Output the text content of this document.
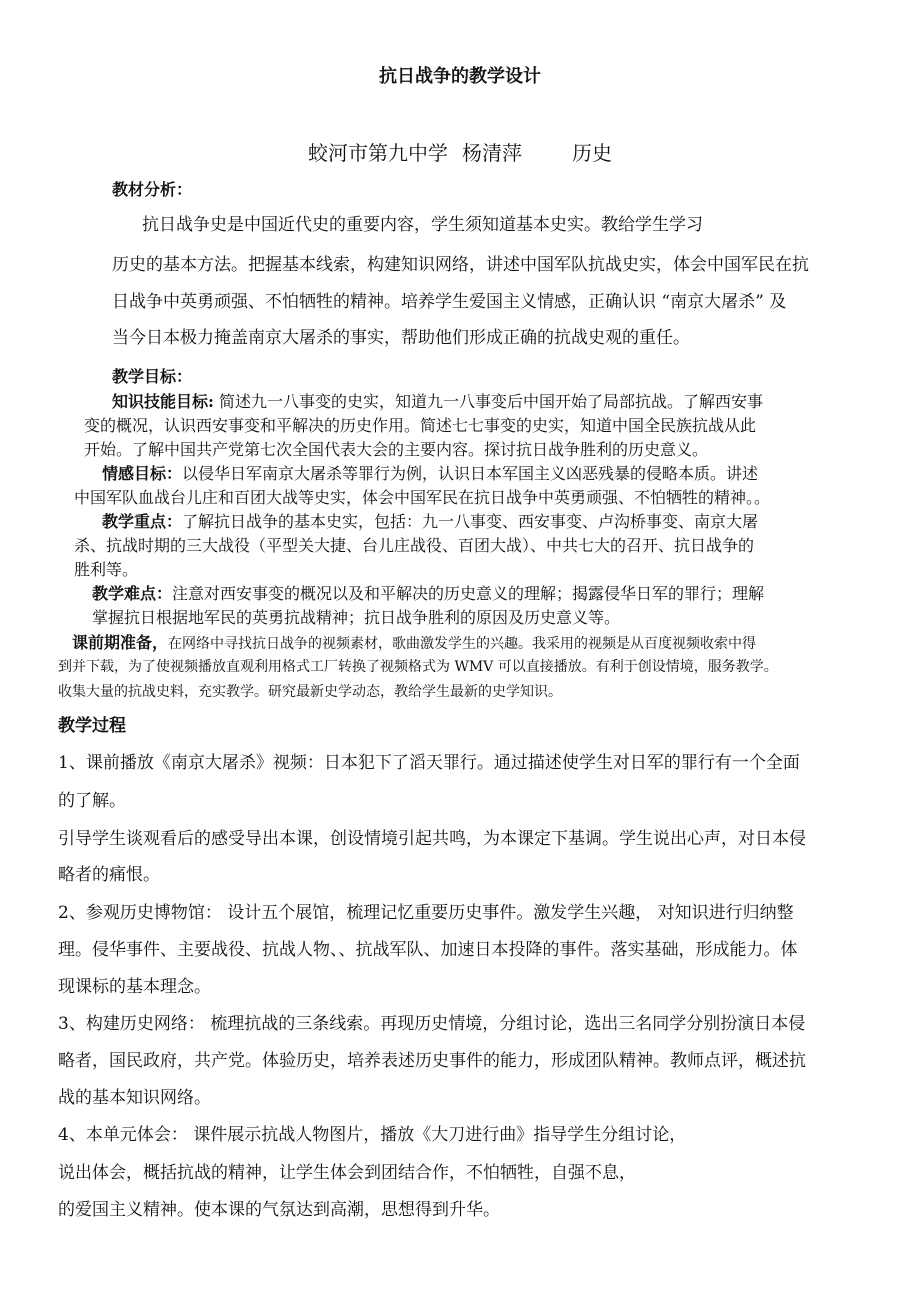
抗日战争的教学设计
蛟河市第九中学 杨清萍	历史
教材分析：
抗日战争史是中国近代史的重要内容，学生须知道基本史实。教给学生学习
历史的基本方法。把握基本线索，构建知识网络，讲述中国军队抗战史实，体会中国军民在抗
日战争中英勇顽强、不怕牺牲的精神。培养学生爱国主义情感，正确认识 “南京大屠杀” 及
当今日本极力掩盖南京大屠杀的事实，帮助他们形成正确的抗战史观的重任。
教学目标：
知识技能目标: 简述九一八事变的史实，知道九一八事变后中国开始了局部抗战。了解西安事
变的概况，认识西安事变和平解决的历史作用。简述七七事变的史实，知道中国全民族抗战从此
开始。了解中国共产党第七次全国代表大会的主要内容。探讨抗日战争胜利的历史意义。
情感目标：以侵华日军南京大屠杀等罪行为例，认识日本军国主义凶恶残暴的侵略本质。讲述
中国军队血战台儿庄和百团大战等史实，体会中国军民在抗日战争中英勇顽强、不怕牺牲的精神。。
教学重点：了解抗日战争的基本史实，包括：九一八事变、西安事变、卢沟桥事变、南京大屠
杀、抗战时期的三大战役（平型关大捷、台儿庄战役、百团大战）、中共七大的召开、抗日战争的
胜利等。
教学难点：注意对西安事变的概况以及和平解决的历史意义的理解；揭露侵华日军的罪行；理解
掌握抗日根据地军民的英勇抗战精神；抗日战争胜利的原因及历史意义等。
课前期准备，在网络中寻找抗日战争的视频素材，歌曲激发学生的兴趣。我采用的视频是从百度视频收索中得
到并下载，为了使视频播放直观利用格式工厂转换了视频格式为 WMV 可以直接播放。有利于创设情境，服务教学。
收集大量的抗战史料，充实教学。研究最新史学动态，教给学生最新的史学知识。
教学过程
1、课前播放《南京大屠杀》视频：日本犯下了滔天罪行。通过描述使学生对日军的罪行有一个全面
的了解。
引导学生谈观看后的感受导出本课，创设情境引起共鸣，为本课定下基调。学生说出心声，对日本侵
略者的痛恨。
2、参观历史博物馆： 设计五个展馆，梳理记忆重要历史事件。激发学生兴趣， 对知识进行归纳整
理。侵华事件、主要战役、抗战人物、、抗战军队、加速日本投降的事件。落实基础，形成能力。体
现课标的基本理念。
3、构建历史网络： 梳理抗战的三条线索。再现历史情境，分组讨论，选出三名同学分别扮演日本侵
略者，国民政府，共产党。体验历史，培养表述历史事件的能力，形成团队精神。教师点评，概述抗
战的基本知识网络。
4、本单元体会： 课件展示抗战人物图片，播放《大刀进行曲》指导学生分组讨论，
说出体会，概括抗战的精神，让学生体会到团结合作，不怕牺牲，自强不息，
的爱国主义精神。使本课的气氛达到高潮，思想得到升华。
